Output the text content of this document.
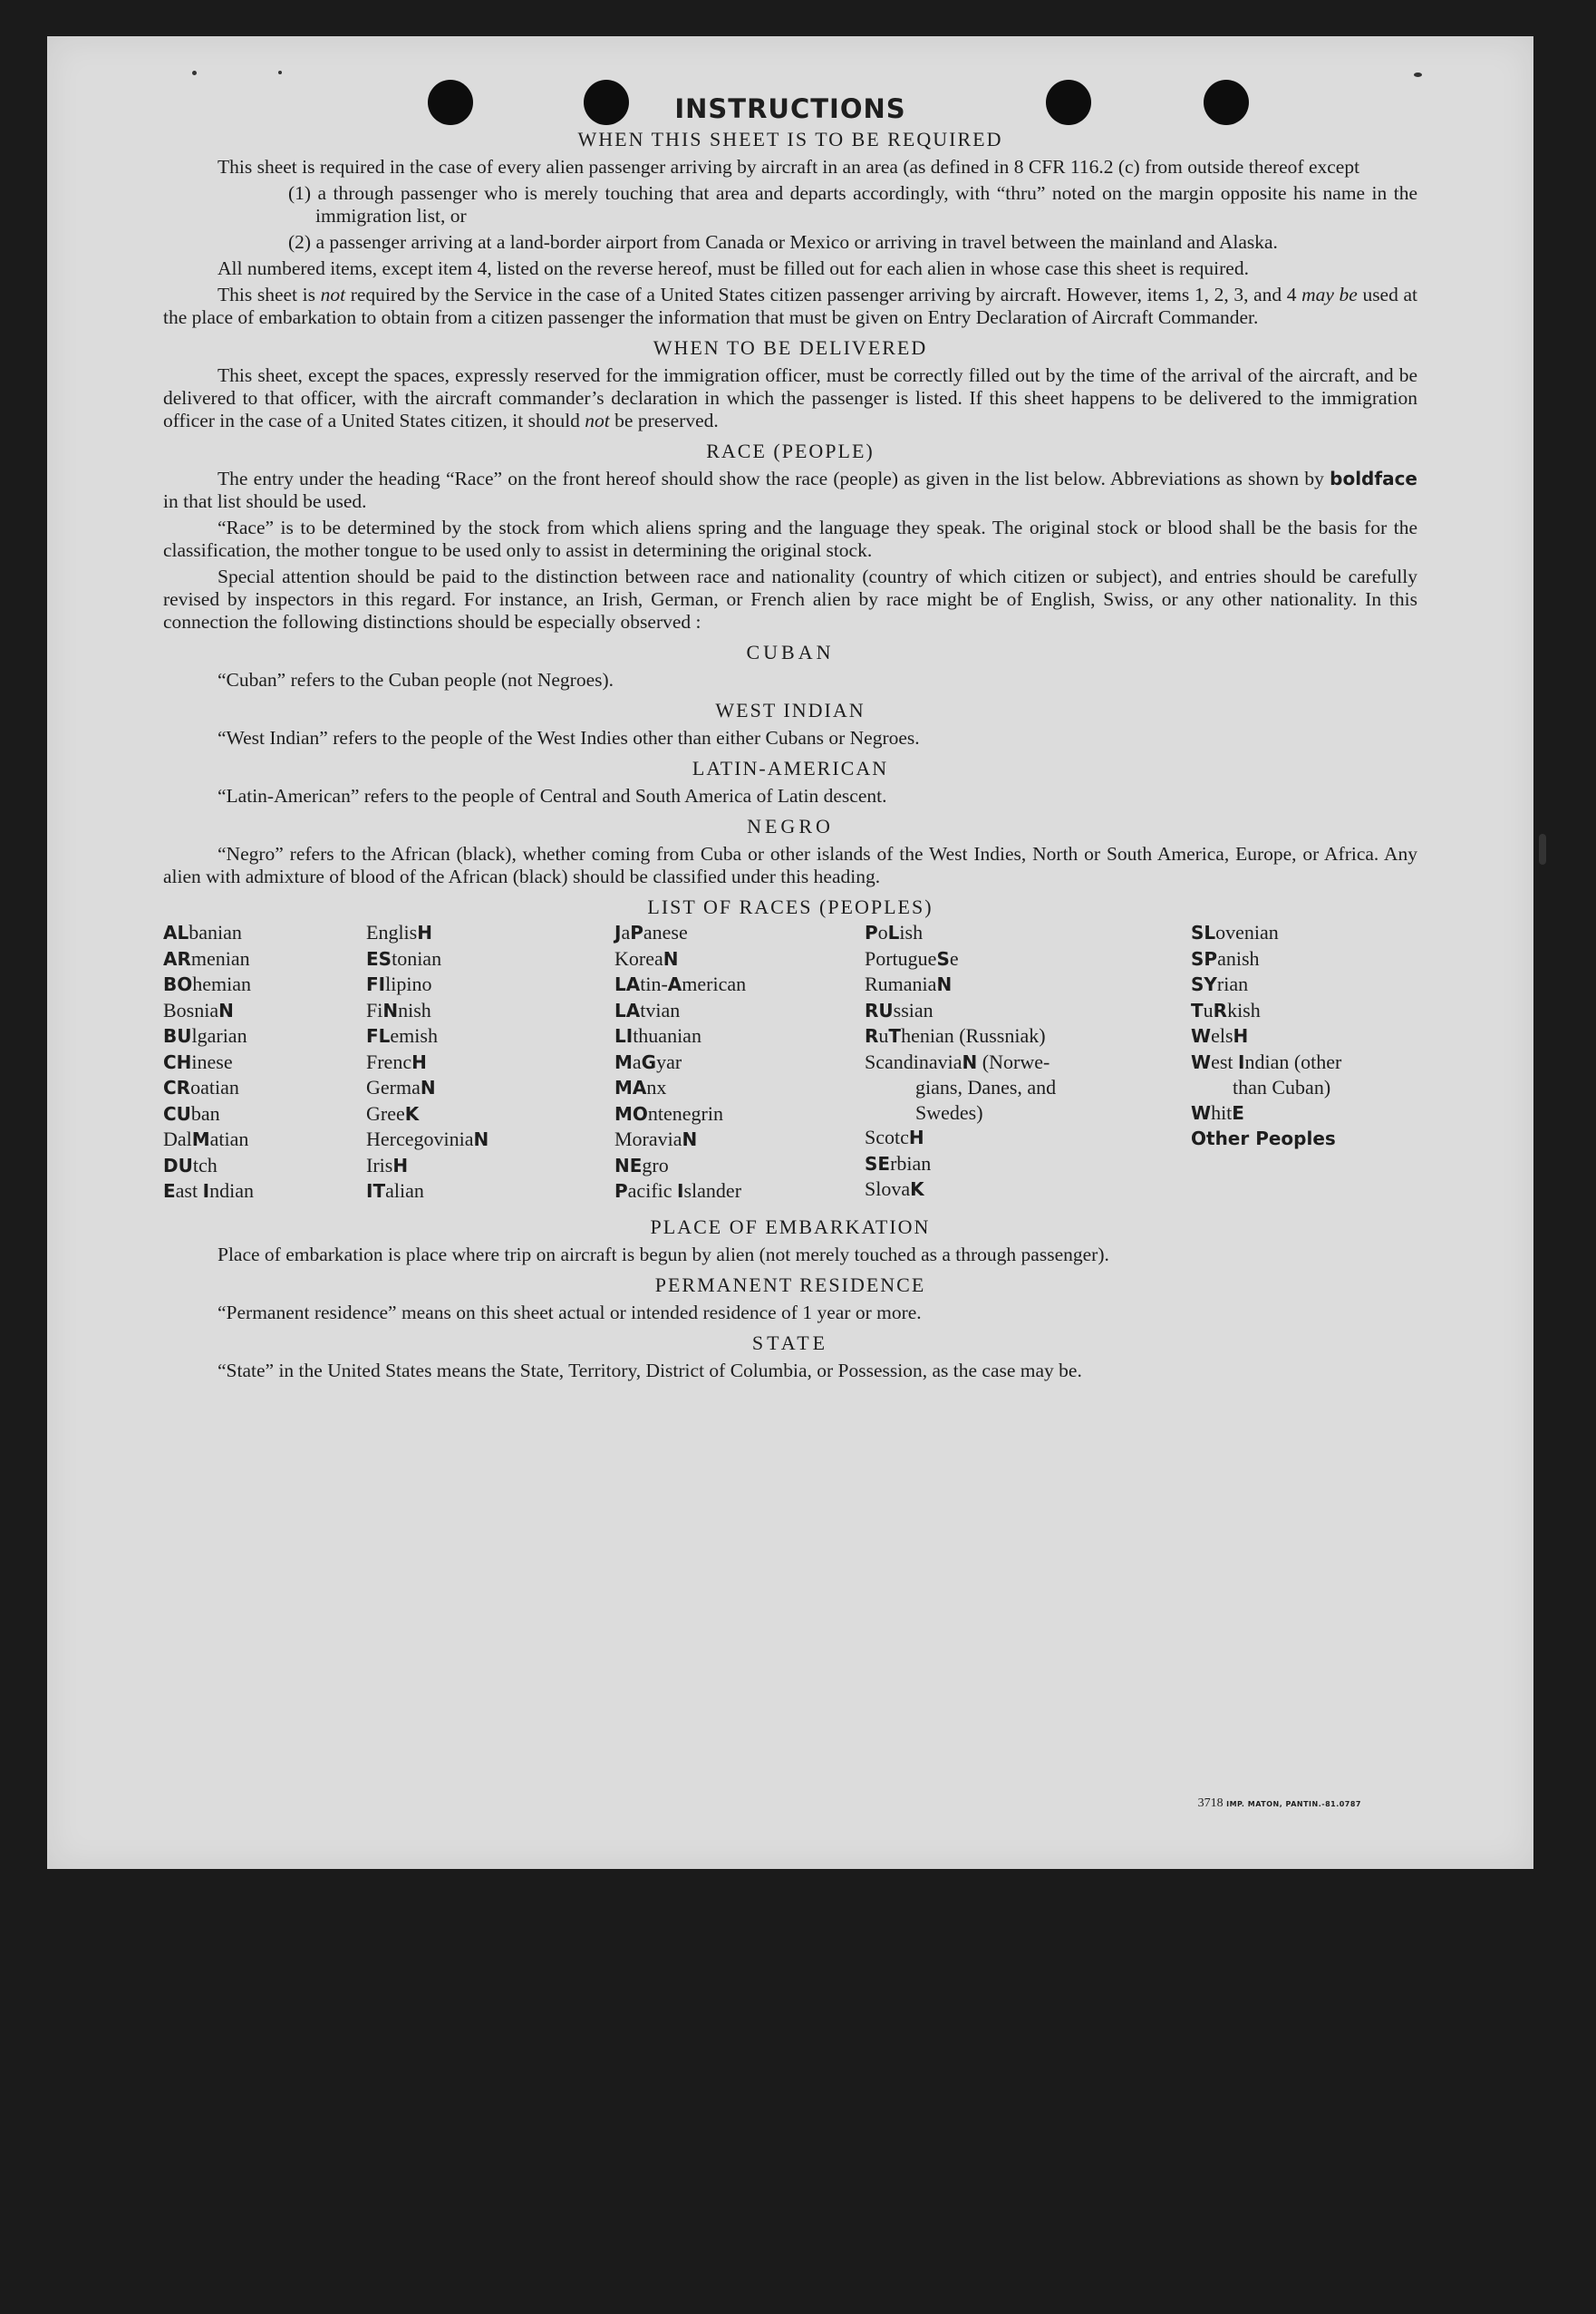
INSTRUCTIONS
WHEN THIS SHEET IS TO BE REQUIRED

This sheet is required in the case of every alien passenger arriving by aircraft in an area (as defined in 8 CFR 116.2 (c) from outside thereof except

(1) a through passenger who is merely touching that area and departs accordingly, with “thru” noted on the margin opposite his name in the immigration list, or
(2) a passenger arriving at a land-border airport from Canada or Mexico or arriving in travel between the mainland and Alaska.

All numbered items, except item 4, listed on the reverse hereof, must be filled out for each alien in whose case this sheet is required.

This sheet is not required by the Service in the case of a United States citizen passenger arriving by aircraft. However, items 1, 2, 3, and 4 may be used at the place of embarkation to obtain from a citizen passenger the information that must be given on Entry Declaration of Aircraft Commander.

WHEN TO BE DELIVERED

This sheet, except the spaces, expressly reserved for the immigration officer, must be correctly filled out by the time of the arrival of the aircraft, and be delivered to that officer, with the aircraft commander’s declaration in which the passenger is listed. If this sheet happens to be delivered to the immigration officer in the case of a United States citizen, it should not be preserved.

RACE (PEOPLE)

The entry under the heading “Race” on the front hereof should show the race (people) as given in the list below. Abbreviations as shown by boldface in that list should be used.

“Race” is to be determined by the stock from which aliens spring and the language they speak. The original stock or blood shall be the basis for the classification, the mother tongue to be used only to assist in determining the original stock.

Special attention should be paid to the distinction between race and nationality (country of which citizen or subject), and entries should be carefully revised by inspectors in this regard. For instance, an Irish, German, or French alien by race might be of English, Swiss, or any other nationality. In this connection the following distinctions should be especially observed :

CUBAN

“Cuban” refers to the Cuban people (not Negroes).

WEST INDIAN

“West Indian” refers to the people of the West Indies other than either Cubans or Negroes.

LATIN-AMERICAN

“Latin-American” refers to the people of Central and South America of Latin descent.

NEGRO

“Negro” refers to the African (black), whether coming from Cuba or other islands of the West Indies, North or South America, Europe, or Africa. Any alien with admixture of blood of the African (black) should be classified under this heading.

LIST OF RACES (PEOPLES)
ALbanian
ARmenian
BOhemian
BosniaN
BUlgarian
CHinese
CRoatian
CUban
DalMatian
DUtch
East Indian
EnglisH
EStonian
FIlipino
FiNnish
FLemish
FrencH
GermaN
GreeK
HercegoviniaN
IrisH
ITalian
JaPanese
KoreaN
LAtin-American
LAtvian
LIthuanian
MaGyar
MAnx
MOntenegrin
MoraviaN
NEgro
Pacific Islander
PoLish
PortugueSe
RumaniaN
RUssian
RuThenian (Russniak)
ScandinaviaN (Norwe-
gians, Danes, and
Swedes)
ScotcH
SErbian
SlovaK
SLovenian
SPanish
SYrian
TuRkish
WelsH
West Indian (other
than Cuban)
WhitE
Other Peoples
PLACE OF EMBARKATION

Place of embarkation is place where trip on aircraft is begun by alien (not merely touched as a through passenger).

PERMANENT RESIDENCE

“Permanent residence” means on this sheet actual or intended residence of 1 year or more.

STATE

“State” in the United States means the State, Territory, District of Columbia, or Possession, as the case may be.

3718 IMP. MATON, PANTIN.-81.0787
